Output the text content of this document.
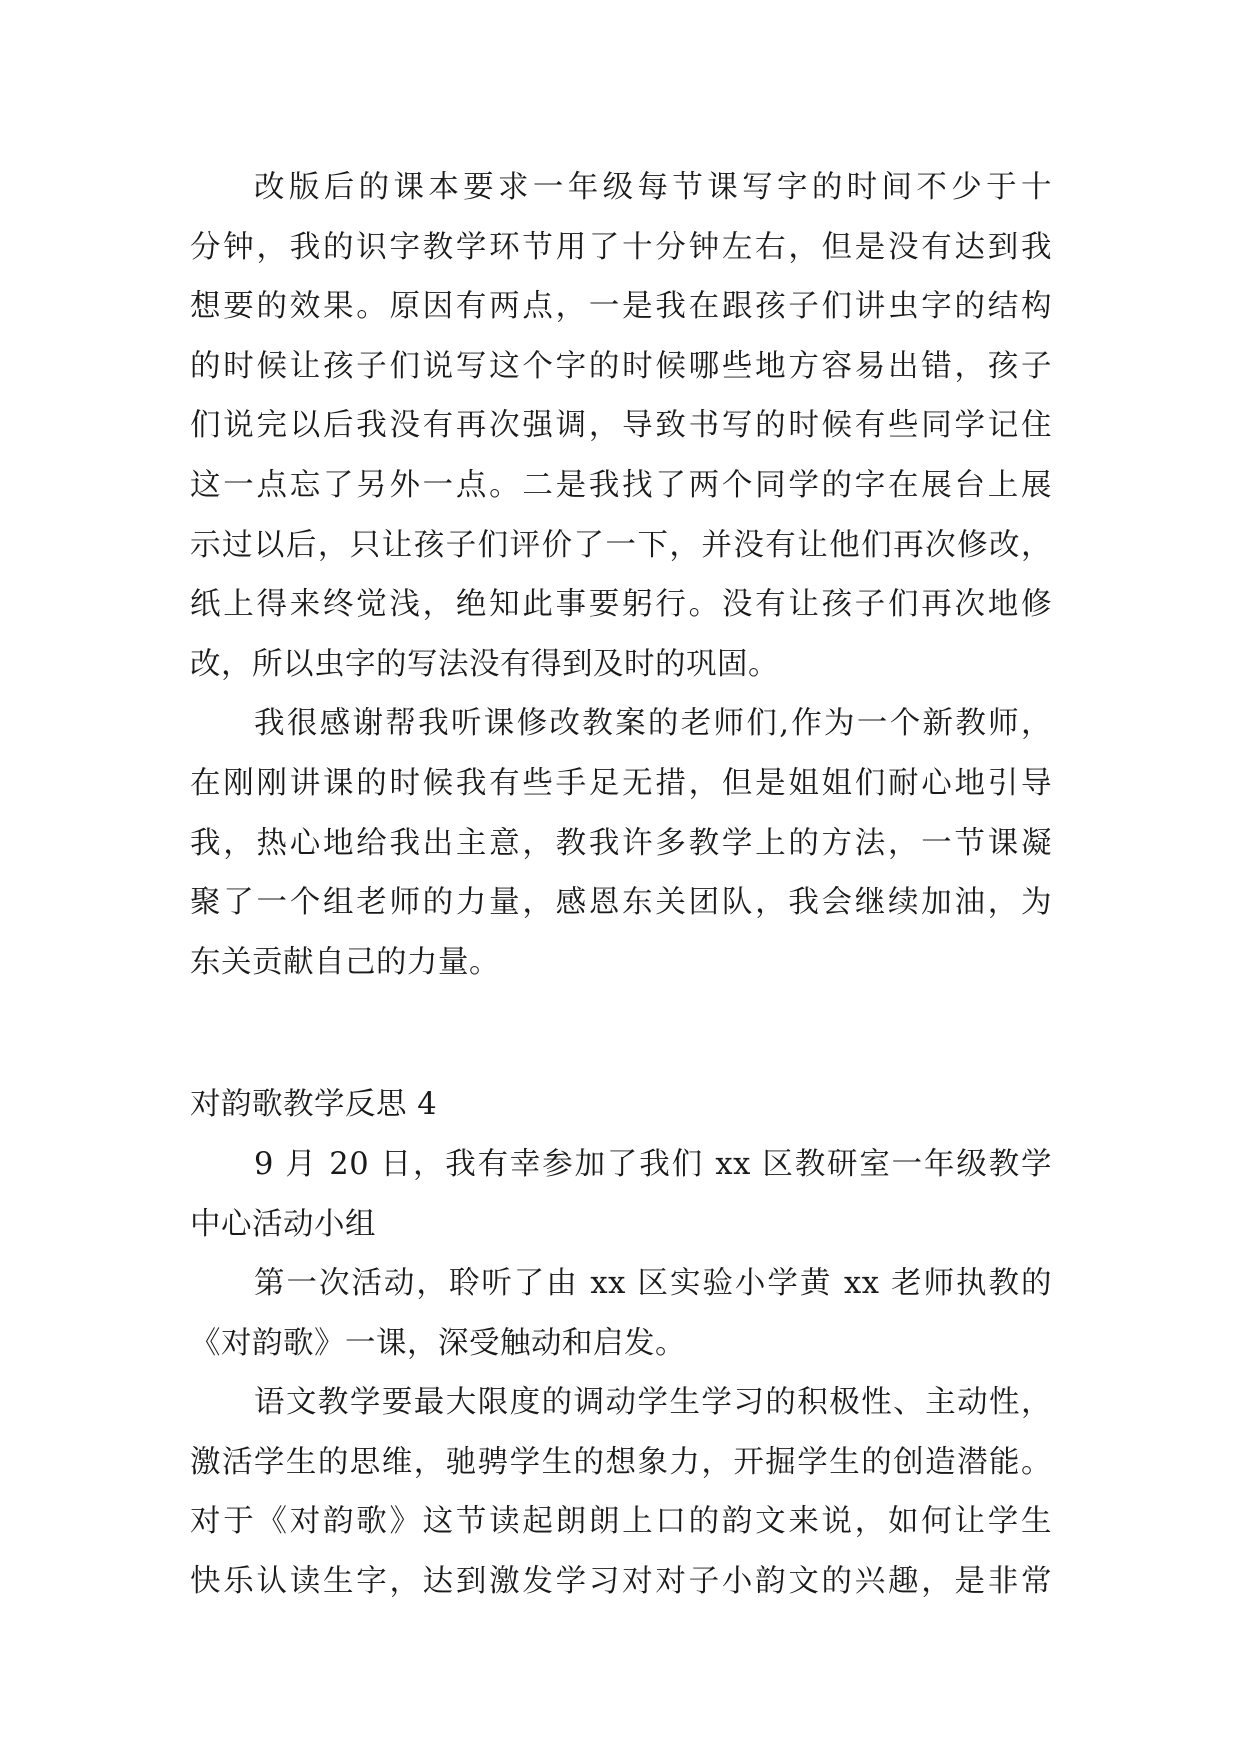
改版后的课本要求一年级每节课写字的时间不少于十
分钟，我的识字教学环节用了十分钟左右，但是没有达到我
想要的效果。原因有两点，一是我在跟孩子们讲虫字的结构
的时候让孩子们说写这个字的时候哪些地方容易出错，孩子
们说完以后我没有再次强调，导致书写的时候有些同学记住
这一点忘了另外一点。二是我找了两个同学的字在展台上展
示过以后，只让孩子们评价了一下，并没有让他们再次修改，
纸上得来终觉浅，绝知此事要躬行。没有让孩子们再次地修
改，所以虫字的写法没有得到及时的巩固。
我很感谢帮我听课修改教案的老师们,作为一个新教师，
在刚刚讲课的时候我有些手足无措，但是姐姐们耐心地引导
我，热心地给我出主意，教我许多教学上的方法，一节课凝
聚了一个组老师的力量，感恩东关团队，我会继续加油，为
东关贡献自己的力量。
对韵歌教学反思 4
9 月 20 日，我有幸参加了我们 xx 区教研室一年级教学
中心活动小组
第一次活动，聆听了由 xx 区实验小学黄 xx 老师执教的
《对韵歌》一课，深受触动和启发。
语文教学要最大限度的调动学生学习的积极性、主动性，
激活学生的思维，驰骋学生的想象力，开掘学生的创造潜能。
对于《对韵歌》这节读起朗朗上口的韵文来说，如何让学生
快乐认读生字，达到激发学习对对子小韵文的兴趣，是非常
